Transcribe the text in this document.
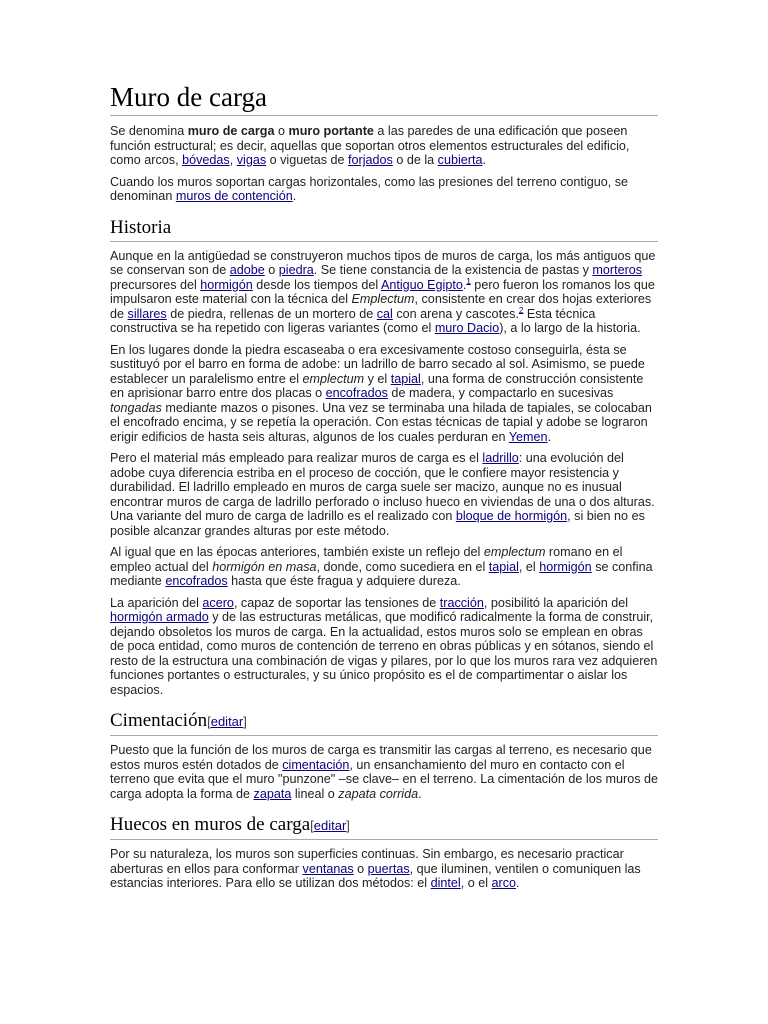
Muro de carga

Se denomina muro de carga o muro portante a las paredes de una edificación que poseen función estructural; es decir, aquellas que soportan otros elementos estructurales del edificio, como arcos, bóvedas, vigas o viguetas de forjados o de la cubierta.

Cuando los muros soportan cargas horizontales, como las presiones del terreno contiguo, se denominan muros de contención.

Historia

Aunque en la antigüedad se construyeron muchos tipos de muros de carga, los más antiguos que se conservan son de adobe o piedra. Se tiene constancia de la existencia de pastas y morteros precursores del hormigón desde los tiempos del Antiguo Egipto.$^1$ pero fueron los romanos los que impulsaron este material con la técnica del Emplectum, consistente en crear dos hojas exteriores de sillares de piedra, rellenas de un mortero de cal con arena y cascotes.$^2$ Esta técnica constructiva se ha repetido con ligeras variantes (como el muro Dacio), a lo largo de la historia.

En los lugares donde la piedra escaseaba o era excesivamente costoso conseguirla, ésta se sustituyó por el barro en forma de adobe: un ladrillo de barro secado al sol. Asimismo, se puede establecer un paralelismo entre el emplectum y el tapial, una forma de construcción consistente en aprisionar barro entre dos placas o encofrados de madera, y compactarlo en sucesivas tongadas mediante mazos o pisones. Una vez se terminaba una hilada de tapiales, se colocaban el encofrado encima, y se repetía la operación. Con estas técnicas de tapial y adobe se lograron erigir edificios de hasta seis alturas, algunos de los cuales perduran en Yemen.

Pero el material más empleado para realizar muros de carga es el ladrillo: una evolución del adobe cuya diferencia estriba en el proceso de cocción, que le confiere mayor resistencia y durabilidad. El ladrillo empleado en muros de carga suele ser macizo, aunque no es inusual encontrar muros de carga de ladrillo perforado o incluso hueco en viviendas de una o dos alturas. Una variante del muro de carga de ladrillo es el realizado con bloque de hormigón, si bien no es posible alcanzar grandes alturas por este método.

Al igual que en las épocas anteriores, también existe un reflejo del emplectum romano en el empleo actual del hormigón en masa, donde, como sucediera en el tapial, el hormigón se confina mediante encofrados hasta que éste fragua y adquiere dureza.

La aparición del acero, capaz de soportar las tensiones de tracción, posibilitó la aparición del hormigón armado y de las estructuras metálicas, que modificó radicalmente la forma de construir, dejando obsoletos los muros de carga. En la actualidad, estos muros solo se emplean en obras de poca entidad, como muros de contención de terreno en obras públicas y en sótanos, siendo el resto de la estructura una combinación de vigas y pilares, por lo que los muros rara vez adquieren funciones portantes o estructurales, y su único propósito es el de compartimentar o aislar los espacios.

Cimentación[editar]

Puesto que la función de los muros de carga es transmitir las cargas al terreno, es necesario que estos muros estén dotados de cimentación, un ensanchamiento del muro en contacto con el terreno que evita que el muro "punzone" –se clave– en el terreno. La cimentación de los muros de carga adopta la forma de zapata lineal o zapata corrida.

Huecos en muros de carga[editar]

Por su naturaleza, los muros son superficies continuas. Sin embargo, es necesario practicar aberturas en ellos para conformar ventanas o puertas, que iluminen, ventilen o comuniquen las estancias interiores. Para ello se utilizan dos métodos: el dintel, o el arco.
